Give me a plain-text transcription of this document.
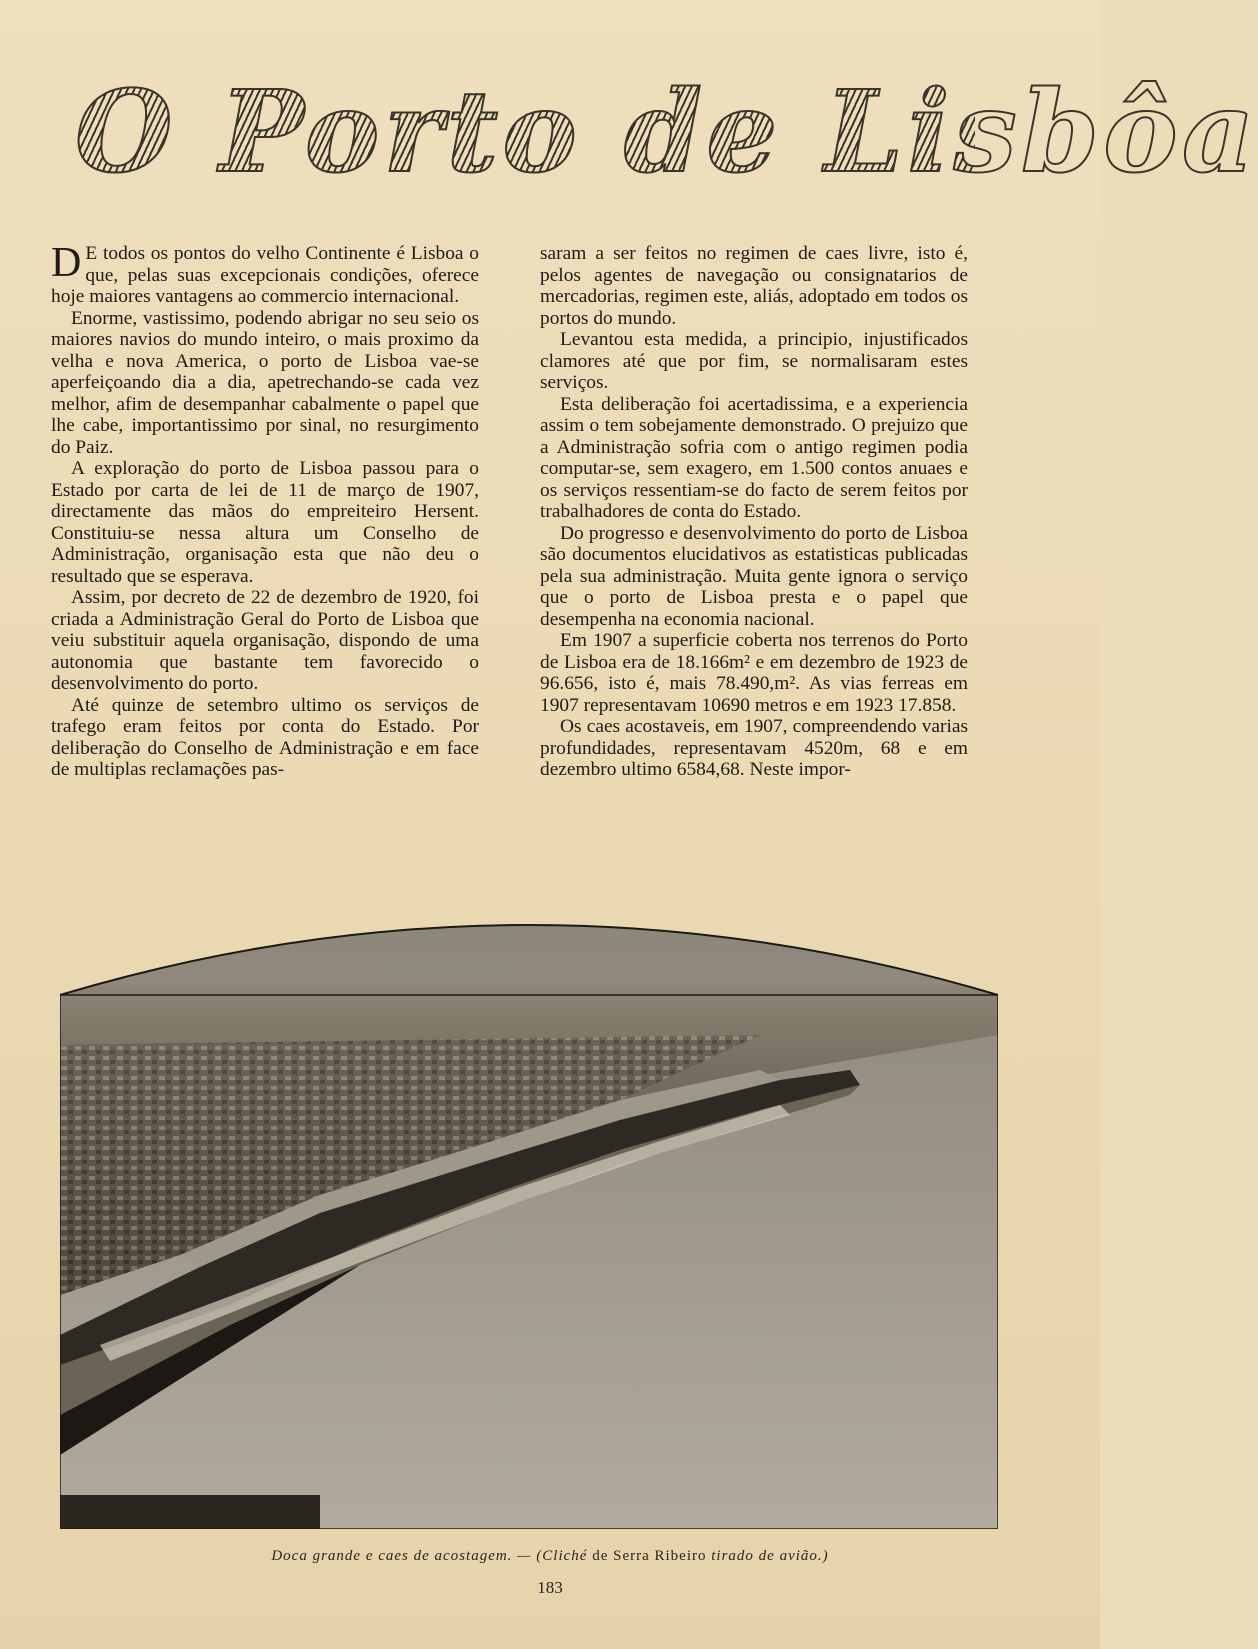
O Porto de Lisbôa

D E todos os pontos do velho Continente é Lisboa o que, pelas suas excepcionais condições, oferece hoje maiores vantagens ao commercio internacional.

Enorme, vastissimo, podendo abrigar no seu seio os maiores navios do mundo inteiro, o mais proximo da velha e nova America, o porto de Lisboa vae-se aperfeiçoando dia a dia, apetrechando-se cada vez melhor, afim de desempanhar cabalmente o papel que lhe cabe, importantissimo por sinal, no resurgimento do Paiz.

A exploração do porto de Lisboa passou para o Estado por carta de lei de 11 de março de 1907, directamente das mãos do empreiteiro Hersent. Constituiu-se nessa altura um Conselho de Administração, organisação esta que não deu o resultado que se esperava.

Assim, por decreto de 22 de dezembro de 1920, foi criada a Administração Geral do Porto de Lisboa que veiu substituir aquela organisação, dispondo de uma autonomia que bastante tem favorecido o desenvolvimento do porto.

Até quinze de setembro ultimo os serviços de trafego eram feitos por conta do Estado. Por deliberação do Conselho de Administração e em face de multiplas reclamações pas-

saram a ser feitos no regimen de caes livre, isto é, pelos agentes de navegação ou consignatarios de mercadorias, regimen este, aliás, adoptado em todos os portos do mundo.

Levantou esta medida, a principio, injustificados clamores até que por fim, se normalisaram estes serviços.

Esta deliberação foi acertadissima, e a experiencia assim o tem sobejamente demonstrado. O prejuizo que a Administração sofria com o antigo regimen podia computar-se, sem exagero, em 1.500 contos anuaes e os serviços ressentiam-se do facto de serem feitos por trabalhadores de conta do Estado.

Do progresso e desenvolvimento do porto de Lisboa são documentos elucidativos as estatisticas publicadas pela sua administração. Muita gente ignora o serviço que o porto de Lisboa presta e o papel que desempenha na economia nacional.

Em 1907 a superficie coberta nos terrenos do Porto de Lisboa era de 18.166m² e em dezembro de 1923 de 96.656, isto é, mais 78.490,m². As vias ferreas em 1907 representavam 10690 metros e em 1923 17.858.

Os caes acostaveis, em 1907, compreendendo varias profundidades, representavam 4520m, 68 e em dezembro ultimo 6584,68. Neste impor-

Doca grande e caes de acostagem. — (Cliché de Serra Ribeiro tirado de avião.)
183
